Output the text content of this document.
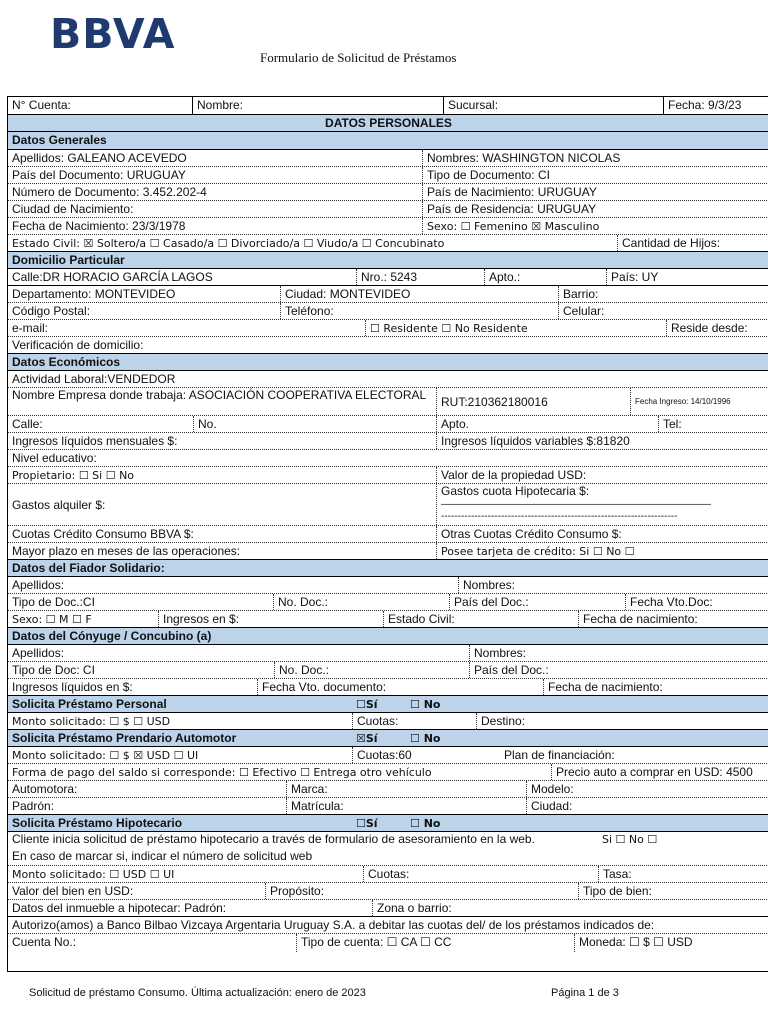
BBVA	Formulario de Solicitud de Préstamos
N° Cuenta:	Nombre:	Sucursal:	Fecha: 9/3/23
DATOS PERSONALES
Datos Generales
Apellidos: GALEANO ACEVEDO	Nombres: WASHINGTON NICOLAS
País del Documento: URUGUAY	Tipo de Documento: CI
Número de Documento: 3.452.202-4	País de Nacimiento: URUGUAY
Ciudad de Nacimiento:	País de Residencia: URUGUAY
Fecha de Nacimiento: 23/3/1978	Sexo: ☐ Femenino ☒ Masculino
Estado Civil: ☒ Soltero/a ☐ Casado/a ☐ Divorciado/a ☐ Viudo/a ☐ Concubinato	Cantidad de Hijos:
Domicilio Particular
Calle:DR HORACIO GARCÍA LAGOS	Nro.: 5243	Apto.:	País: UY
Departamento: MONTEVIDEO	Ciudad: MONTEVIDEO	Barrio:
Código Postal:	Teléfono:	Celular:
e-mail:	☐ Residente ☐ No Residente	Reside desde:
Verificación de domicilio:
Datos Económicos
Actividad Laboral:VENDEDOR
Nombre Empresa donde trabaja: ASOCIACIÓN COOPERATIVA ELECTORAL	RUT:210362180016	Fecha Ingreso: 14/10/1996
Calle:	No.	Apto.	Tel:
Ingresos líquidos mensuales $:	Ingresos líquidos variables $:81820
Nivel educativo:
Propietario: ☐ Si ☐ No	Valor de la propiedad USD:
Gastos alquiler $:
Gastos cuota Hipotecaria $:
———————————————————————————
-----------------------------------------------------------------------
Cuotas Crédito Consumo BBVA $:	Otras Cuotas Crédito Consumo $:
Mayor plazo en meses de las operaciones:	Posee tarjeta de crédito: Si ☐ No ☐
Datos del Fiador Solidario:
Apellidos:	Nombres:
Tipo de Doc.:CI	No. Doc.:	País del Doc.:	Fecha Vto.Doc:
Sexo: ☐ M ☐ F	Ingresos en $:	Estado Civil:	Fecha de nacimiento:
Datos del Cónyuge / Concubino (a)
Apellidos:	Nombres:
Tipo de Doc: CI	No. Doc.:	País del Doc.:
Ingresos líquidos en $:	Fecha Vto. documento:	Fecha de nacimiento:
Solicita Préstamo Personal	☐Sí	☐ No
Monto solicitado: ☐ $ ☐ USD	Cuotas:	Destino:
Solicita Préstamo Prendario Automotor	☒Sí	☐ No
Monto solicitado: ☐ $ ☒ USD ☐ UI	Cuotas:60	Plan de financiación:
Forma de pago del saldo si corresponde: ☐ Efectivo ☐ Entrega otro vehículo	Precio auto a comprar en USD: 4500
Automotora:	Marca:	Modelo:
Padrón:	Matrícula:	Ciudad:
Solicita Préstamo Hipotecario	☐Sí	☐ No
Cliente inicia solicitud de préstamo hipotecario a través de formulario de asesoramiento en la web.
En caso de marcar si, indicar el número de solicitud web
Si ☐ No ☐
Monto solicitado: ☐ USD ☐ UI	Cuotas:	Tasa:
Valor del bien en USD:	Propósito:	Tipo de bien:
Datos del inmueble a hipotecar: Padrón:	Zona o barrio:
Autorizo(amos) a Banco Bilbao Vizcaya Argentaria Uruguay S.A. a debitar las cuotas del/ de los préstamos indicados de:
Cuenta No.:	Tipo de cuenta: ☐ CA ☐ CC	Moneda: ☐ $ ☐ USD
Solicitud de préstamo Consumo. Última actualización: enero de 2023	Página 1 de 3
